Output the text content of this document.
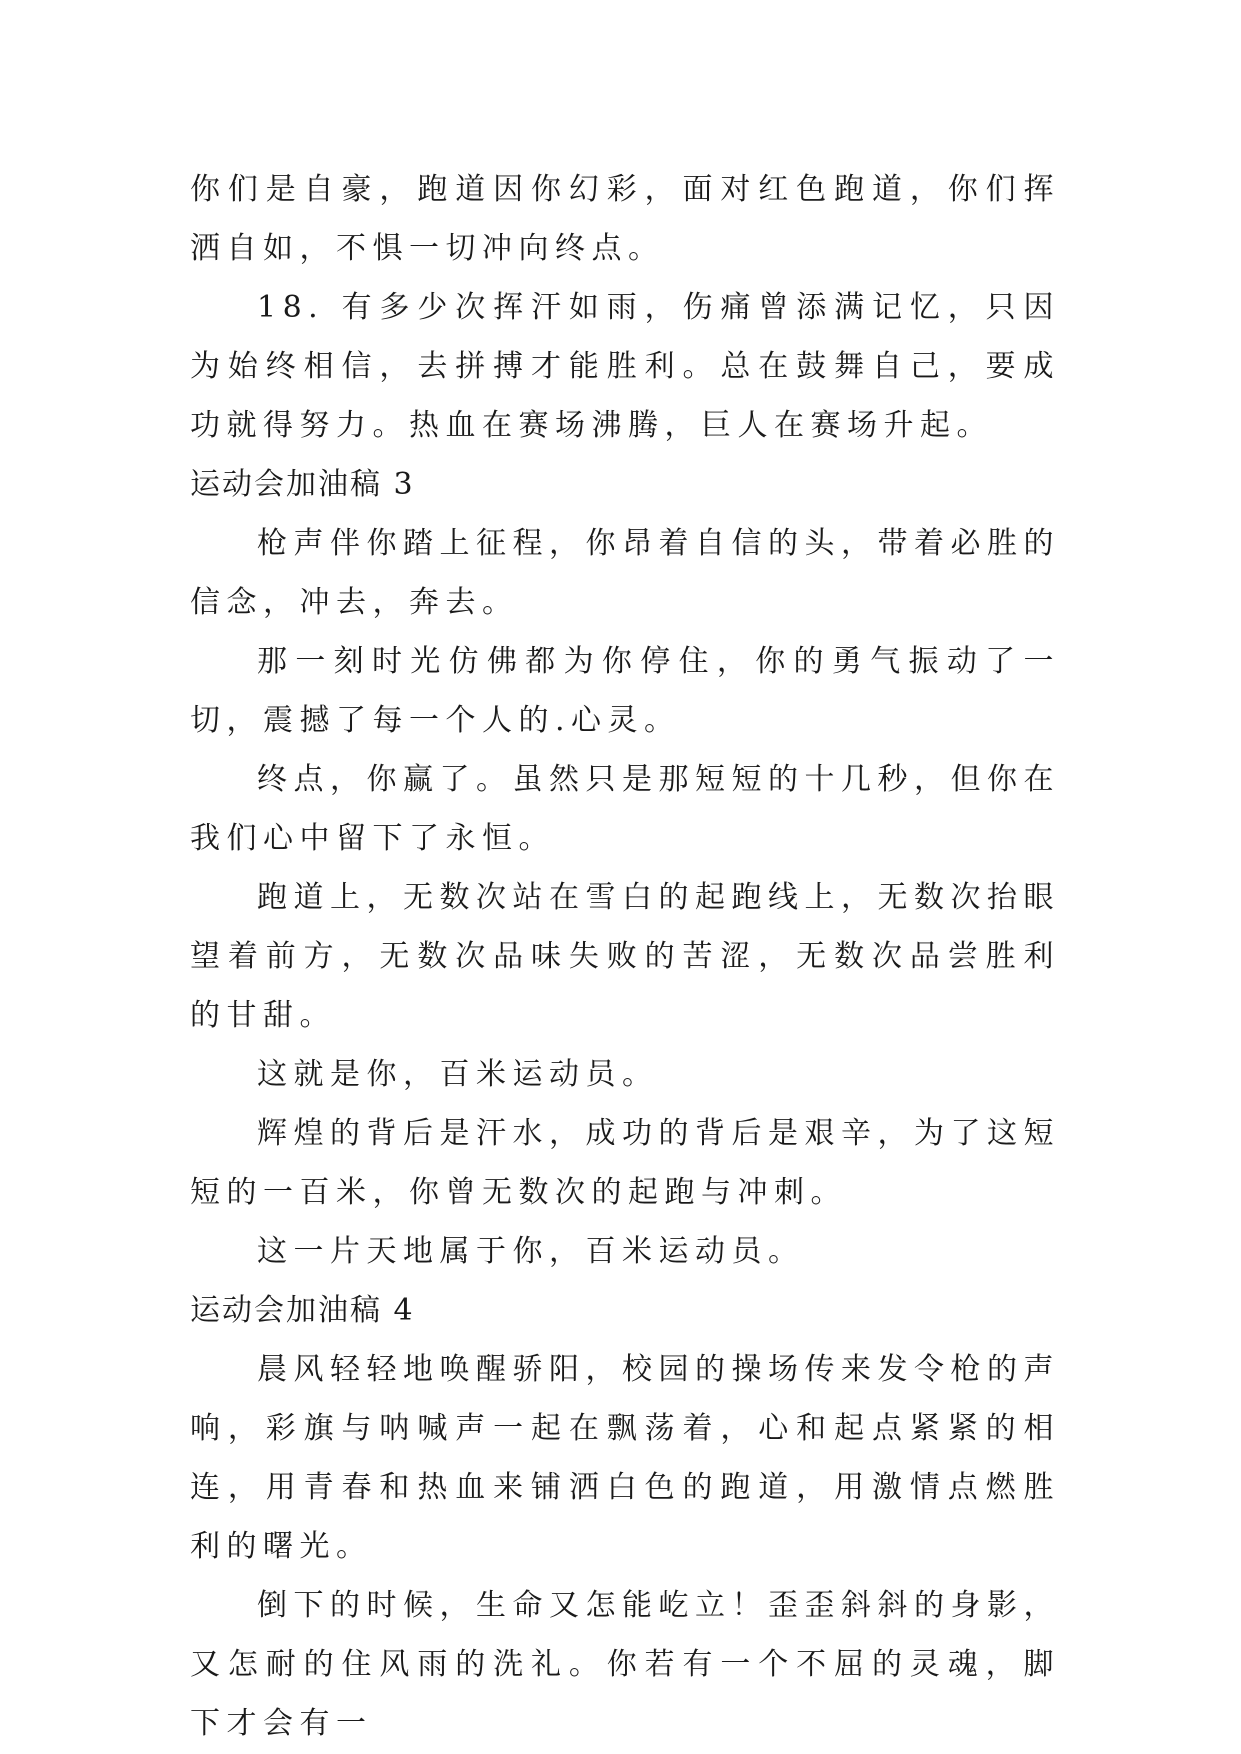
你们是自豪，跑道因你幻彩，面对红色跑道，你们挥洒自如，不惧一切冲向终点。

18. 有多少次挥汗如雨，伤痛曾添满记忆，只因为始终相信，去拼搏才能胜利。总在鼓舞自己，要成功就得努力。热血在赛场沸腾，巨人在赛场升起。

运动会加油稿 3

枪声伴你踏上征程，你昂着自信的头，带着必胜的信念，冲去，奔去。

那一刻时光仿佛都为你停住，你的勇气振动了一切，震撼了每一个人的.心灵。

终点，你赢了。虽然只是那短短的十几秒，但你在我们心中留下了永恒。

跑道上，无数次站在雪白的起跑线上，无数次抬眼望着前方，无数次品味失败的苦涩，无数次品尝胜利的甘甜。

这就是你，百米运动员。

辉煌的背后是汗水，成功的背后是艰辛，为了这短短的一百米，你曾无数次的起跑与冲刺。

这一片天地属于你，百米运动员。

运动会加油稿 4

晨风轻轻地唤醒骄阳，校园的操场传来发令枪的声响，彩旗与呐喊声一起在飘荡着，心和起点紧紧的相连，用青春和热血来铺洒白色的跑道，用激情点燃胜利的曙光。

倒下的时候，生命又怎能屹立！歪歪斜斜的身影，又怎耐的住风雨的洗礼。你若有一个不屈的灵魂，脚下才会有一
